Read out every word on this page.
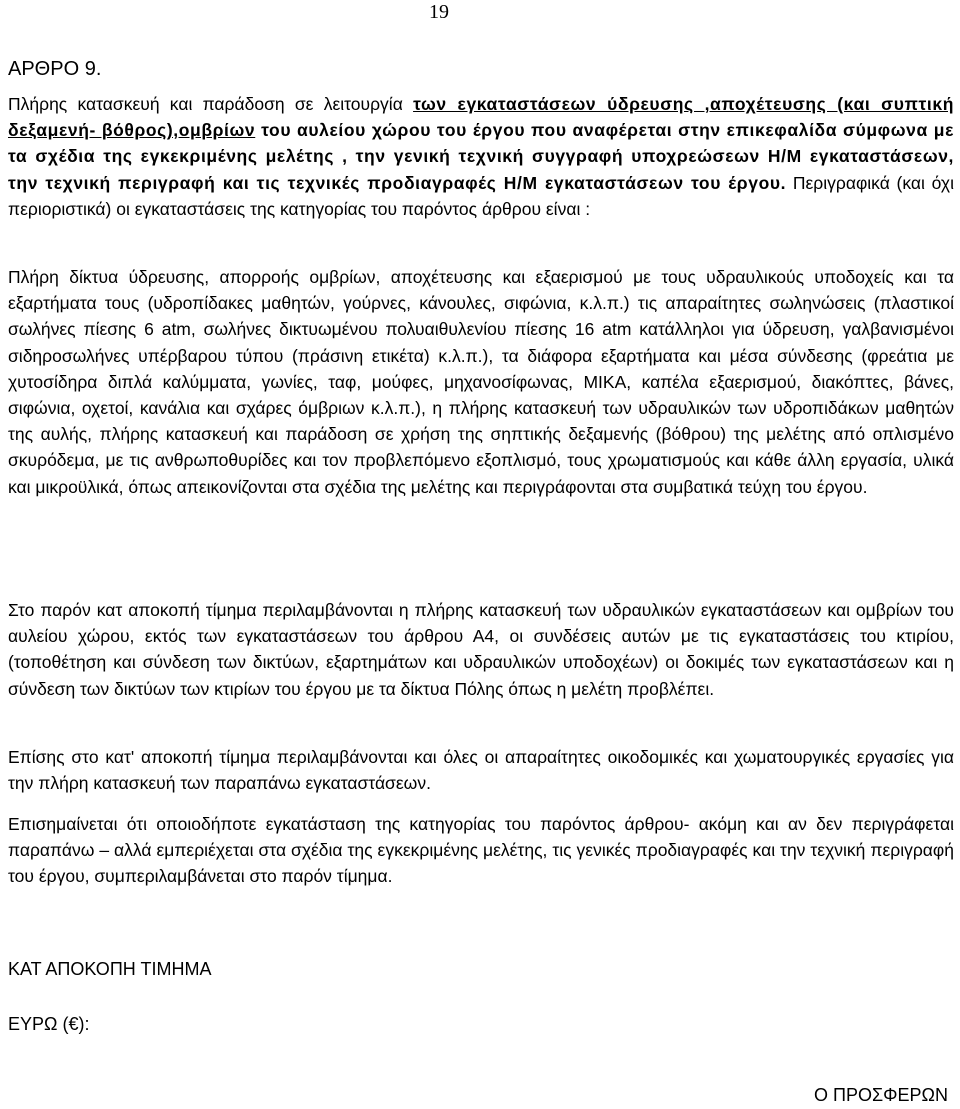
19
ΑΡΘΡΟ 9.

Πλήρης κατασκευή και παράδοση σε λειτουργία των εγκαταστάσεων ύδρευσης ,αποχέτευσης (και συπτική δεξαμενή- βόθρος),ομβρίων του αυλείου χώρου του έργου που αναφέρεται στην επικεφαλίδα σύμφωνα με τα σχέδια της εγκεκριμένης μελέτης , την γενική τεχνική συγγραφή υποχρεώσεων Η/Μ εγκαταστάσεων, την τεχνική περιγραφή και τις τεχνικές προδιαγραφές Η/Μ εγκαταστάσεων του έργου. Περιγραφικά (και όχι περιοριστικά) οι εγκαταστάσεις της κατηγορίας του παρόντος άρθρου είναι :

Πλήρη δίκτυα ύδρευσης, απορροής ομβρίων, αποχέτευσης και εξαερισμού με τους υδραυλικούς υποδοχείς και τα εξαρτήματα τους (υδροπίδακες μαθητών, γούρνες, κάνουλες, σιφώνια, κ.λ.π.) τις απαραίτητες σωληνώσεις (πλαστικοί σωλήνες πίεσης 6 atm, σωλήνες δικτυωμένου πολυαιθυλενίου πίεσης 16 atm κατάλληλοι για ύδρευση, γαλβανισμένοι σιδηροσωλήνες υπέρβαρου τύπου (πράσινη ετικέτα) κ.λ.π.), τα διάφορα εξαρτήματα και μέσα σύνδεσης (φρεάτια με χυτοσίδηρα διπλά καλύμματα, γωνίες, ταφ, μούφες, μηχανοσίφωνας, ΜΙΚΑ, καπέλα εξαερισμού, διακόπτες, βάνες, σιφώνια, οχετοί, κανάλια και σχάρες όμβριων κ.λ.π.), η πλήρης κατασκευή των υδραυλικών των υδροπιδάκων μαθητών της αυλής, πλήρης κατασκευή και παράδοση σε χρήση της σηπτικής δεξαμενής (βόθρου) της μελέτης από οπλισμένο σκυρόδεμα, με τις ανθρωποθυρίδες και τον προβλεπόμενο εξοπλισμό, τους χρωματισμούς και κάθε άλλη εργασία, υλικά και μικροϋλικά, όπως απεικονίζονται στα σχέδια της μελέτης και περιγράφονται στα συμβατικά τεύχη του έργου.

Στο παρόν κατ αποκοπή τίμημα περιλαμβάνονται η πλήρης κατασκευή των υδραυλικών εγκαταστάσεων και ομβρίων του αυλείου χώρου, εκτός των εγκαταστάσεων του άρθρου Α4, οι συνδέσεις αυτών με τις εγκαταστάσεις του κτιρίου, (τοποθέτηση και σύνδεση των δικτύων, εξαρτημάτων και υδραυλικών υποδοχέων) οι δοκιμές των εγκαταστάσεων και η σύνδεση των δικτύων των κτιρίων του έργου με τα δίκτυα Πόλης όπως η μελέτη προβλέπει.

Επίσης στο κατ' αποκοπή τίμημα περιλαμβάνονται και όλες οι απαραίτητες οικοδομικές και χωματουργικές εργασίες για την πλήρη κατασκευή των παραπάνω εγκαταστάσεων.

Επισημαίνεται ότι οποιοδήποτε εγκατάσταση της κατηγορίας του παρόντος άρθρου- ακόμη και αν δεν περιγράφεται παραπάνω – αλλά εμπεριέχεται στα σχέδια της εγκεκριμένης μελέτης, τις γενικές προδιαγραφές και την τεχνική περιγραφή του έργου, συμπεριλαμβάνεται στο παρόν τίμημα.

ΚΑΤ ΑΠΟΚΟΠΗ ΤΙΜΗΜΑ
ΕΥΡΩ (€):
Ο ΠΡΟΣΦΕΡΩΝ
